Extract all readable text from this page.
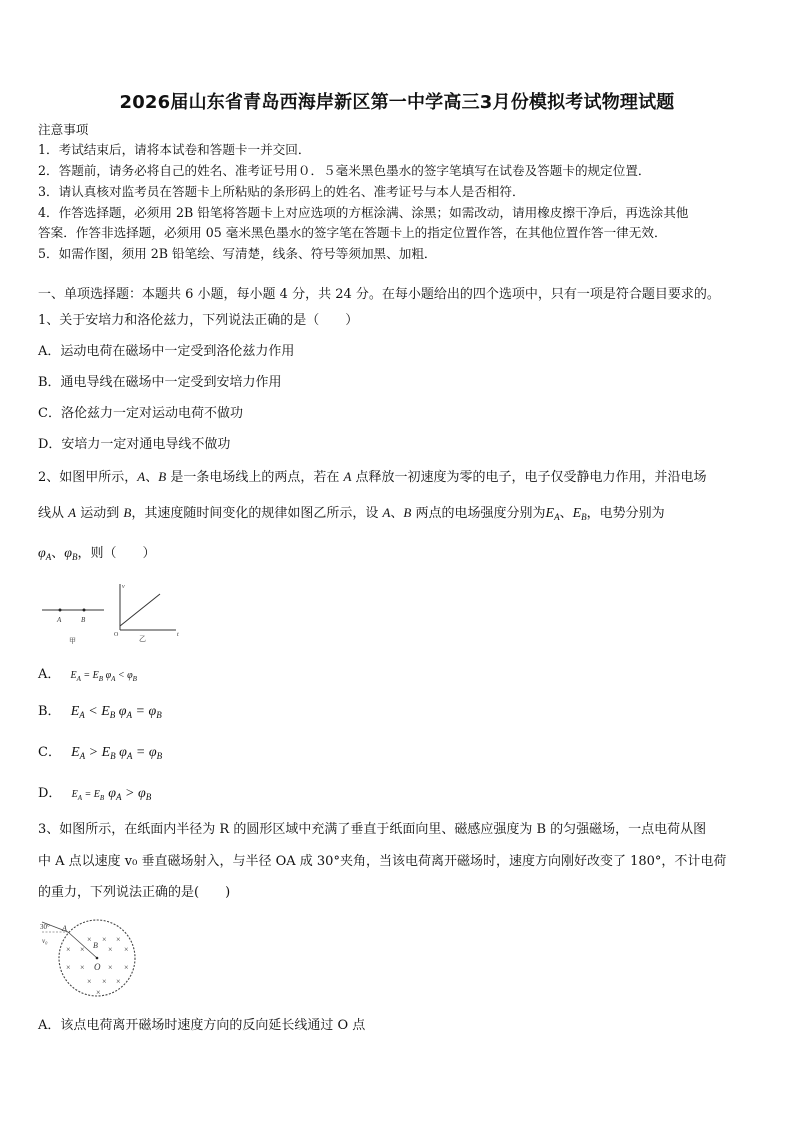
2026届山东省青岛西海岸新区第一中学高三3月份模拟考试物理试题
注意事项
1．考试结束后，请将本试卷和答题卡一并交回．
2．答题前，请务必将自己的姓名、准考证号用０．５毫米黑色墨水的签字笔填写在试卷及答题卡的规定位置．
3．请认真核对监考员在答题卡上所粘贴的条形码上的姓名、准考证号与本人是否相符．
4．作答选择题，必须用 2B 铅笔将答题卡上对应选项的方框涂满、涂黑；如需改动，请用橡皮擦干净后，再选涂其他
答案．作答非选择题，必须用 05 毫米黑色墨水的签字笔在答题卡上的指定位置作答，在其他位置作答一律无效．
5．如需作图，须用 2B 铅笔绘、写清楚，线条、符号等须加黑、加粗．
一、单项选择题：本题共 6 小题，每小题 4 分，共 24 分。在每小题给出的四个选项中，只有一项是符合题目要求的。
1、关于安培力和洛伦兹力，下列说法正确的是（　　）
A．运动电荷在磁场中一定受到洛伦兹力作用
B．通电导线在磁场中一定受到安培力作用
C．洛伦兹力一定对运动电荷不做功
D．安培力一定对通电导线不做功
2、如图甲所示，A、B 是一条电场线上的两点，若在 A 点释放一初速度为零的电子，电子仅受静电力作用，并沿电场
线从 A 运动到 B，其速度随时间变化的规律如图乙所示，设 A、B 两点的电场强度分别为$E_A$、$E_B$，电势分别为
$\varphi_A$、$\varphi_B$，则（　　）
A	B
甲
v
t
O	乙
A． $E_A = E_B$ $\varphi_A < \varphi_B$
B． $E_A < E_B$ $\varphi_A = \varphi_B$
C． $E_A > E_B$ $\varphi_A = \varphi_B$
D． $E_A = E_B$ $\varphi_A > \varphi_B$
3、如图所示，在纸面内半径为 R 的圆形区域中充满了垂直于纸面向里、磁感应强度为 B 的匀强磁场，一点电荷从图
中 A 点以速度 v₀ 垂直磁场射入，与半径 OA 成 30°夹角，当该电荷离开磁场时，速度方向刚好改变了 180°，不计电荷
的重力，下列说法正确的是(　　)
30°
v₀
A
B
O
× × ×
× ×	× ×
× ×	× ×
× × ×
×
A．该点电荷离开磁场时速度方向的反向延长线通过 O 点
